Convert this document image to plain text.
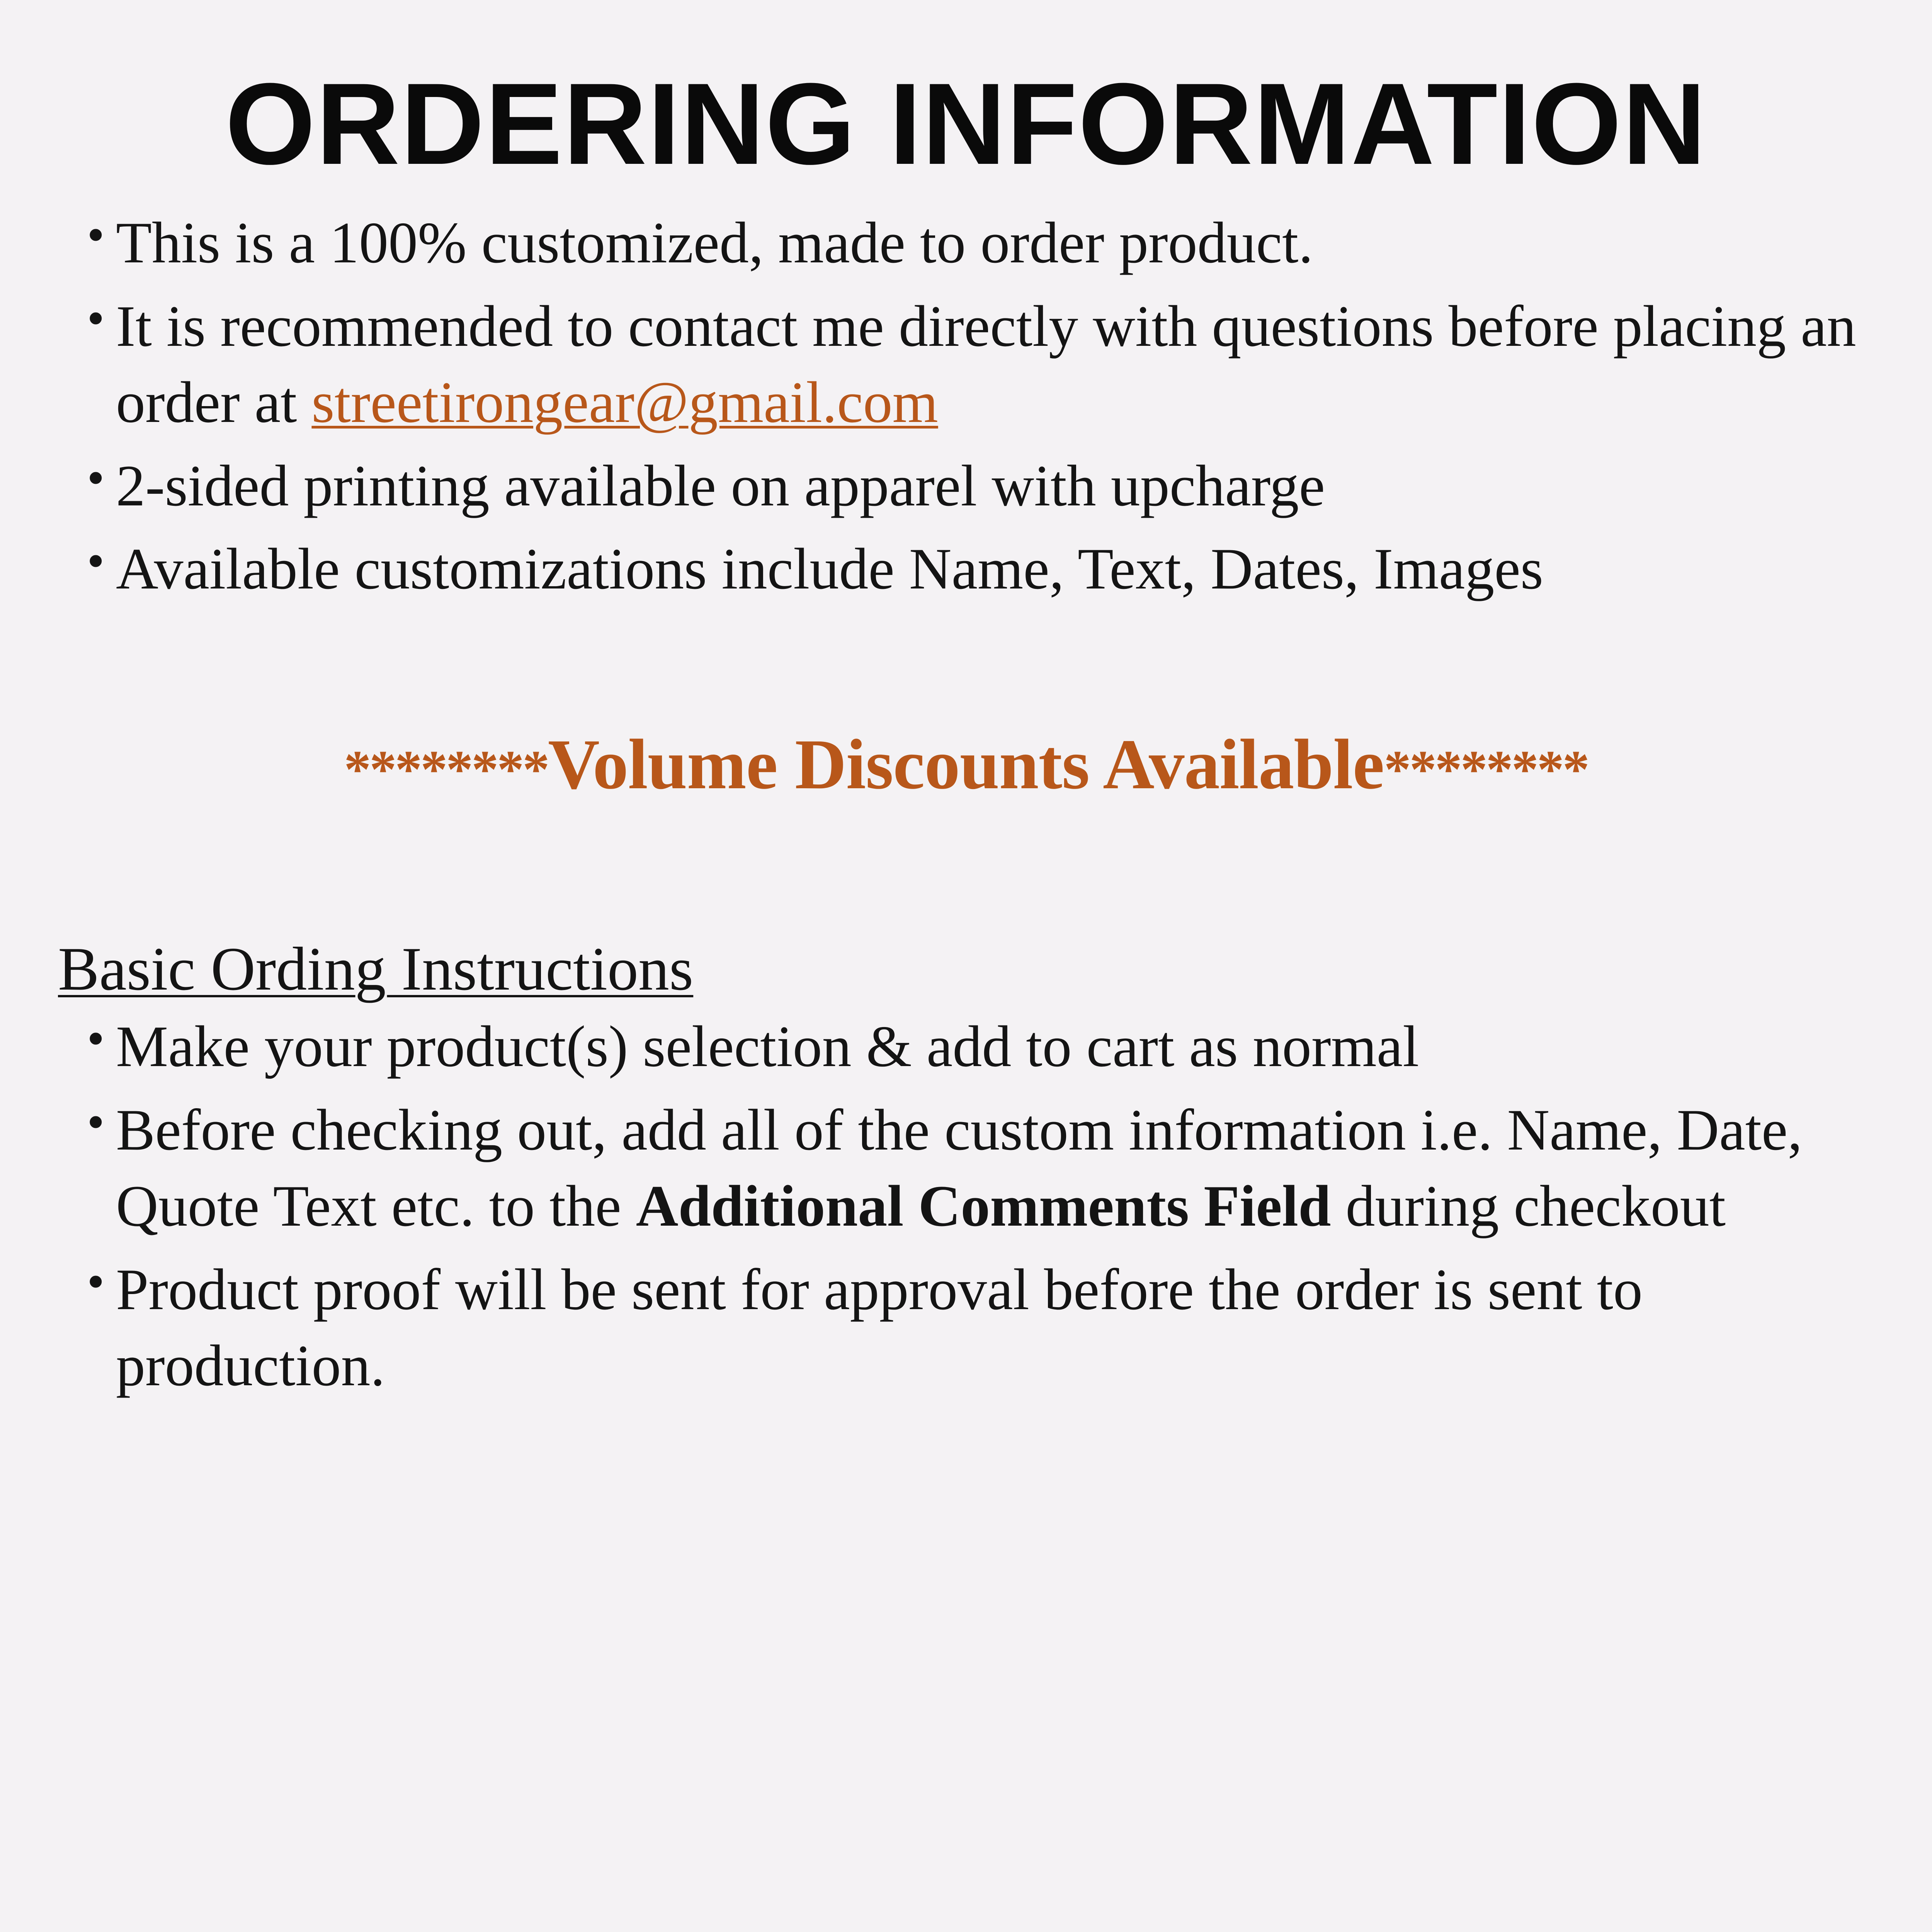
ORDERING INFORMATION
• This is a 100% customized, made to order product.
• It is recommended to contact me directly with questions before placing an order at streetirongear@gmail.com
• 2-sided printing available on apparel with upcharge
• Available customizations include Name, Text, Dates, Images
********Volume Discounts Available********
Basic Ording Instructions
• Make your product(s) selection & add to cart as normal
• Before checking out, add all of the custom information i.e. Name, Date, Quote Text etc. to the Additional Comments Field during checkout
• Product proof will be sent for approval before the order is sent to production.
